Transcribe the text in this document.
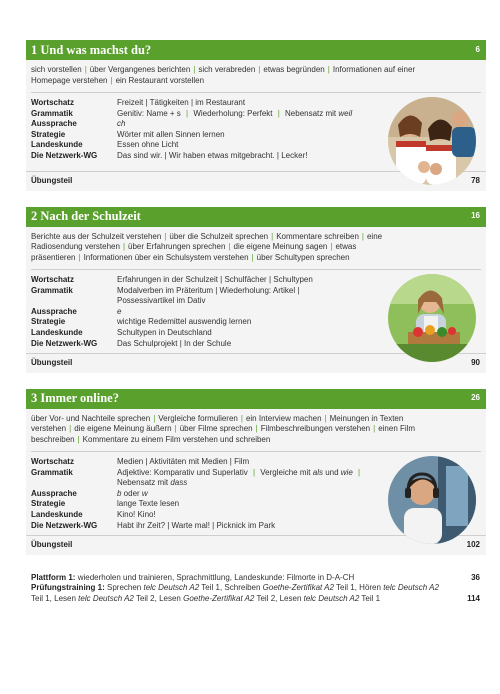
1 Und was machst du?	6
sich vorstellen | über Vergangenes berichten | sich verabreden | etwas begründen | Informationen auf einer
Homepage verstehen | ein Restaurant vorstellen
Wortschatz	Freizeit | Tätigkeiten | im Restaurant
Grammatik	Genitiv: Name + s | Wiederholung: Perfekt | Nebensatz mit weil
Aussprache	ch
Strategie	Wörter mit allen Sinnen lernen
Landeskunde	Essen ohne Licht
Die Netzwerk-WG	Das sind wir. | Wir haben etwas mitgebracht. | Lecker!
Übungsteil	78
2 Nach der Schulzeit	16
Berichte aus der Schulzeit verstehen | über die Schulzeit sprechen | Kommentare schreiben | eine
Radiosendung verstehen | über Erfahrungen sprechen | die eigene Meinung sagen | etwas
präsentieren | Informationen über ein Schulsystem verstehen | über Schultypen sprechen
Wortschatz	Erfahrungen in der Schulzeit | Schulfächer | Schultypen
Grammatik	Modalverben im Präteritum | Wiederholung: Artikel |
Possessivartikel im Dativ
Aussprache	e
Strategie	wichtige Redemittel auswendig lernen
Landeskunde	Schultypen in Deutschland
Die Netzwerk-WG	Das Schulprojekt | In der Schule
Übungsteil	90
3 Immer online?	26
über Vor- und Nachteile sprechen | Vergleiche formulieren | ein Interview machen | Meinungen in Texten
verstehen | die eigene Meinung äußern | über Filme sprechen | Filmbeschreibungen verstehen | einen Film
beschreiben | Kommentare zu einem Film verstehen und schreiben
Wortschatz	Medien | Aktivitäten mit Medien | Film
Grammatik	Adjektive: Komparativ und Superlativ | Vergleiche mit als und wie |
Nebensatz mit dass
Aussprache	b oder w
Strategie	lange Texte lesen
Landeskunde	Kino! Kino!
Die Netzwerk-WG	Habt ihr Zeit? | Warte mal! | Picknick im Park
Übungsteil	102
Plattform 1: wiederholen und trainieren, Sprachmittlung, Landeskunde: Filmorte in D-A-CH	36
Prüfungstraining 1: Sprechen telc Deutsch A2 Teil 1, Schreiben Goethe-Zertifikat A2 Teil 1, Hören telc Deutsch A2
Teil 1, Lesen telc Deutsch A2 Teil 2, Lesen Goethe-Zertifikat A2 Teil 2, Lesen telc Deutsch A2 Teil 1	114
